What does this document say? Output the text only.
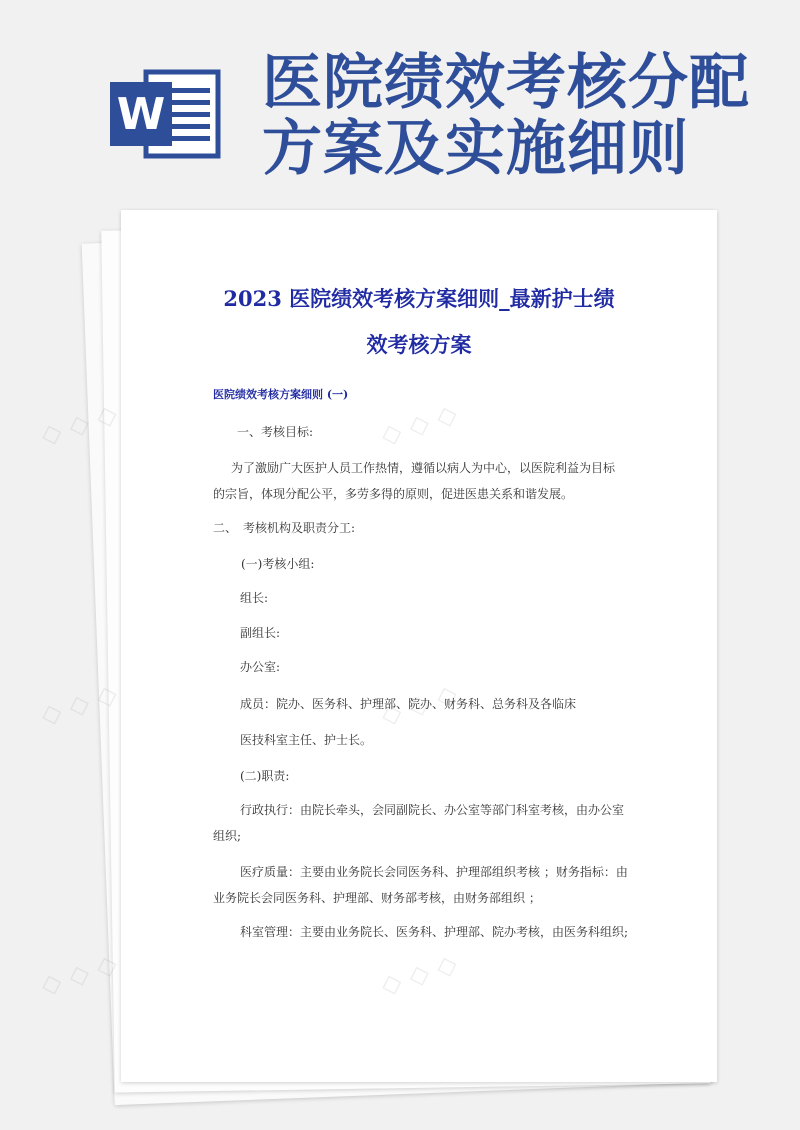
W 医院绩效考核分配
方案及实施细则
2023 医院绩效考核方案细则_最新护士绩
效考核方案

医院绩效考核方案细则 (一)

一、考核目标:

为了激励广大医护人员工作热情，遵循以病人为中心，以医院利益为目标

的宗旨，体现分配公平，多劳多得的原则，促进医患关系和谐发展。

二、　考核机构及职责分工:

(一)考核小组:

组长:

副组长:

办公室:

成员：院办、医务科、护理部、院办、财务科、总务科及各临床

医技科室主任、护士长。

(二)职责:

行政执行：由院长牵头，会同副院长、办公室等部门科室考核，由办公室

组织;

医疗质量：主要由业务院长会同医务科、护理部组织考核 ；财务指标：由

业务院长会同医务科、护理部、财务部考核，由财务部组织 ；

科室管理：主要由业务院长、医务科、护理部、院办考核，由医务科组织;

◇ ◇ ◇
◇ ◇ ◇
◇ ◇ ◇
